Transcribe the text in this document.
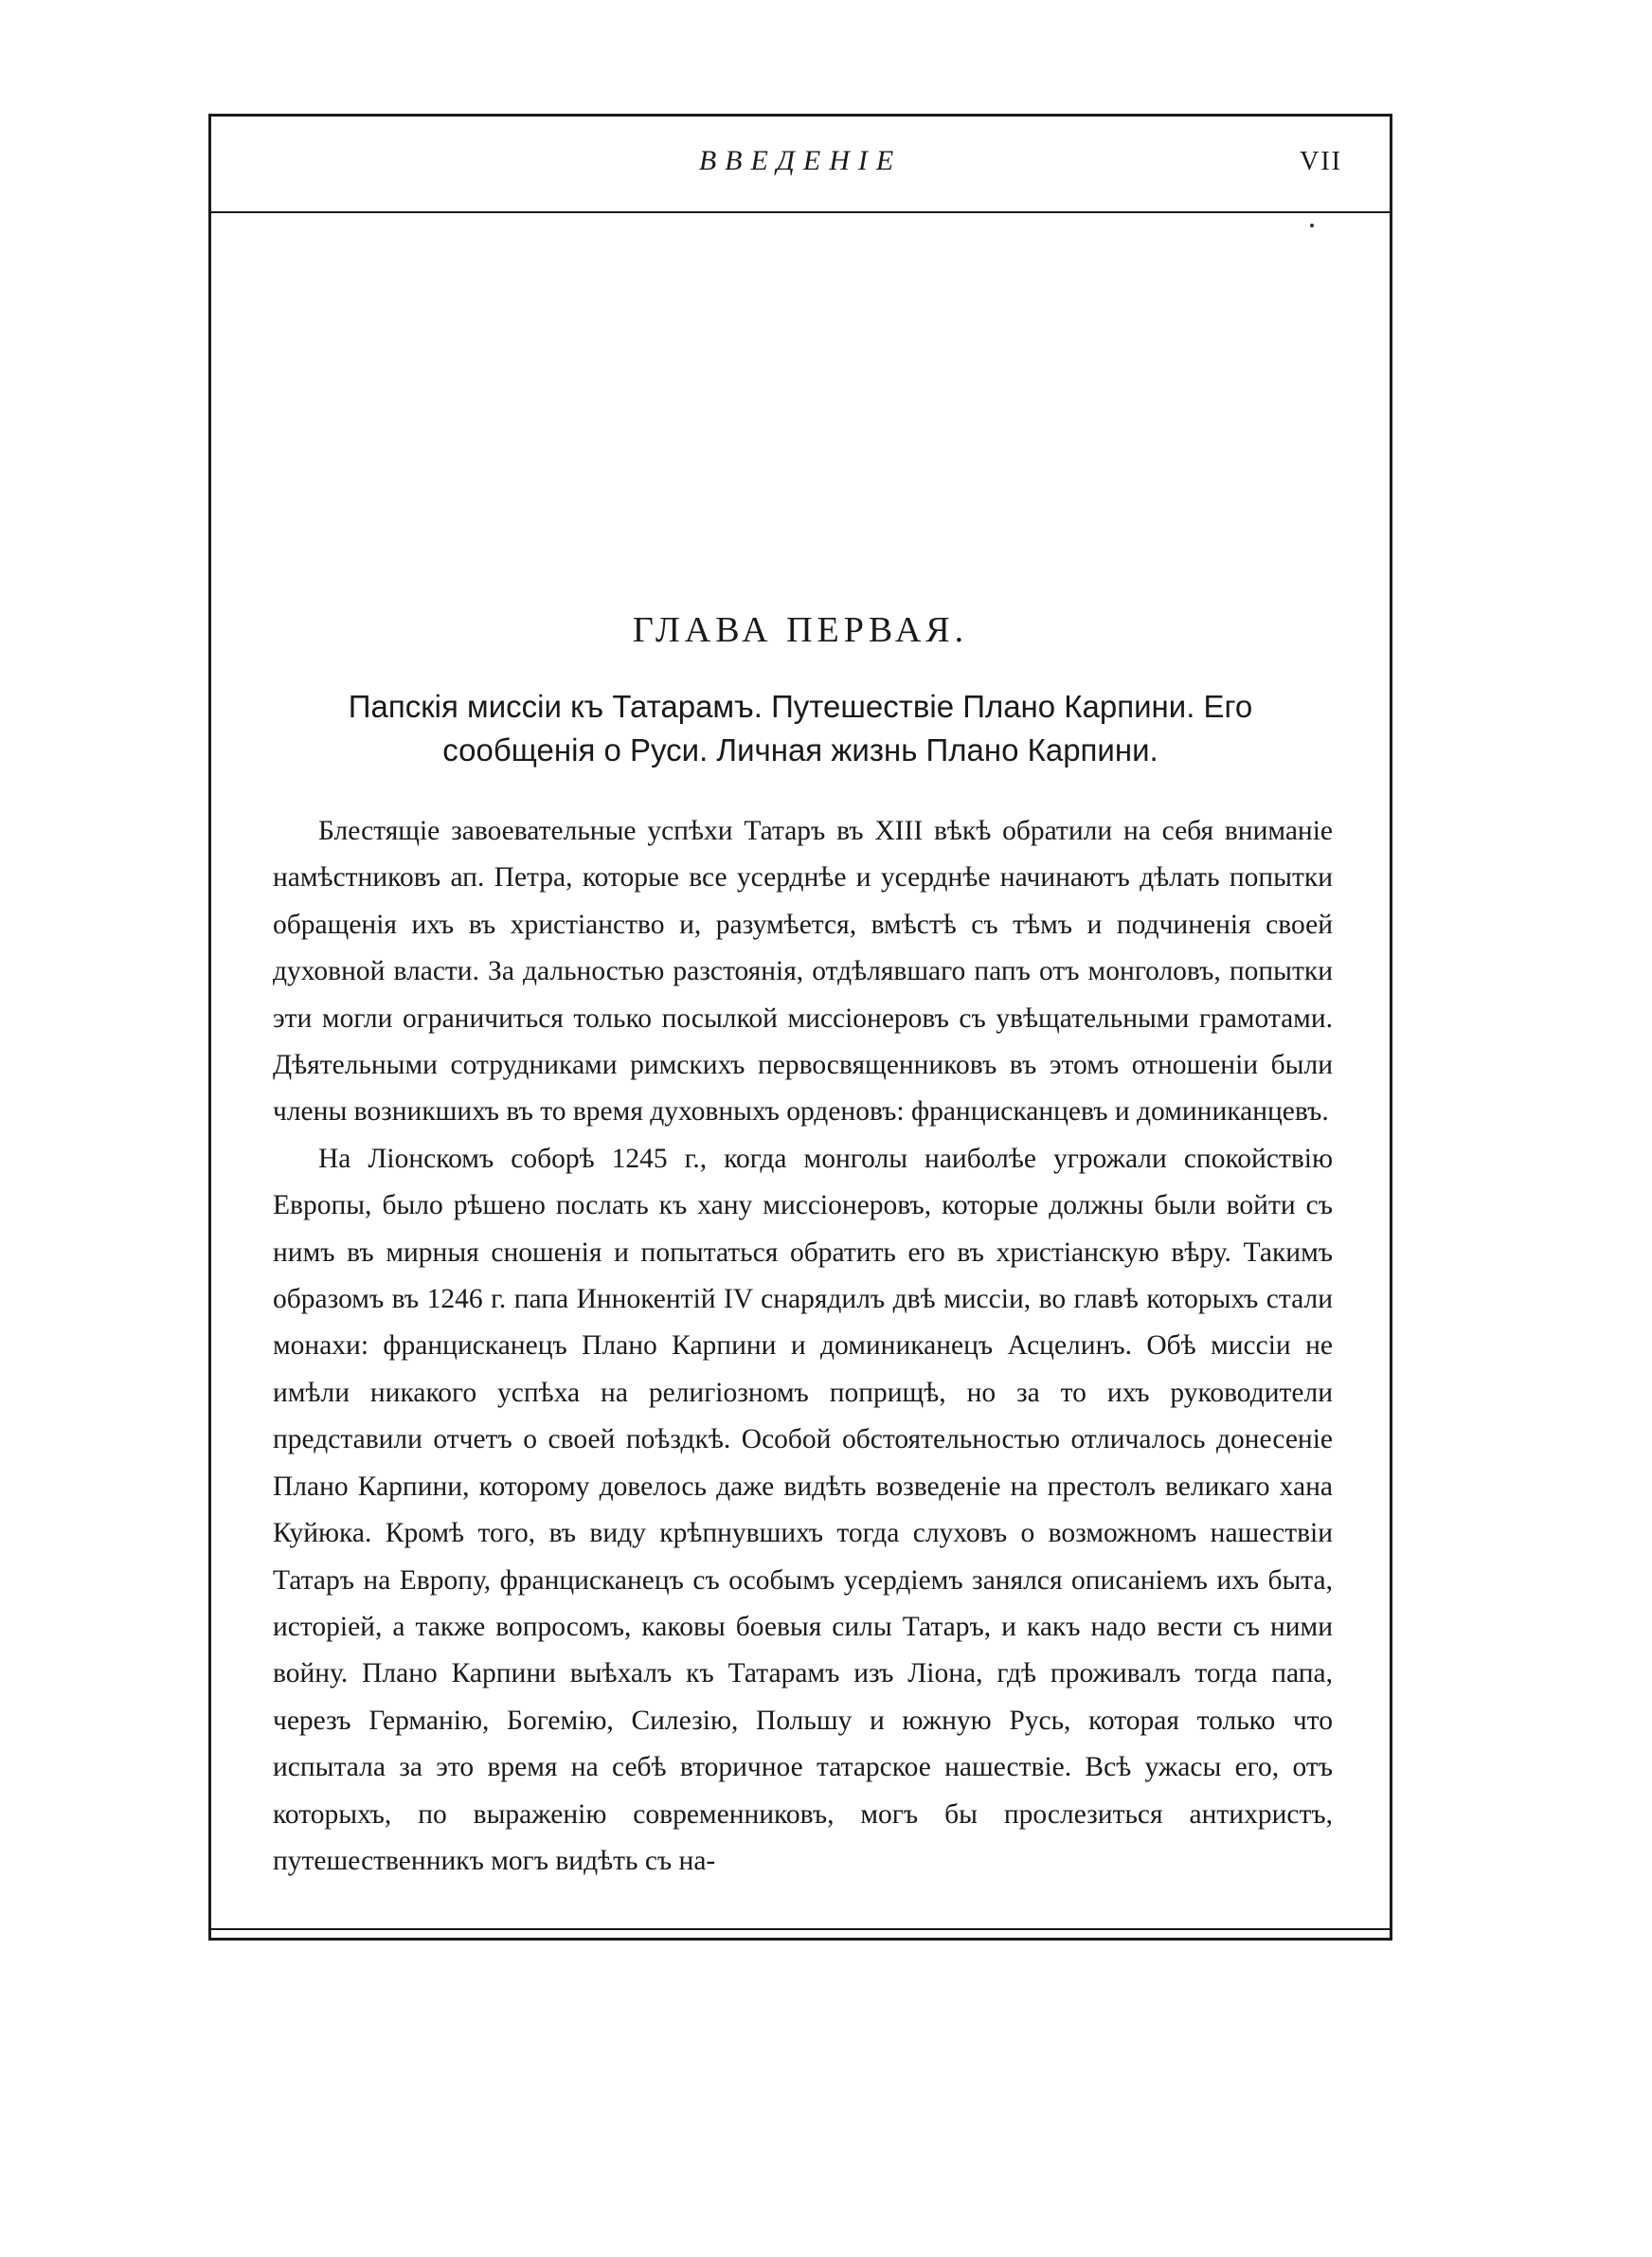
ВВЕДЕНІЕ	VII
ГЛАВА ПЕРВАЯ.
Папскія миссіи къ Татарамъ. Путешествіе Плано Карпини. Его сообщенія о Руси. Личная жизнь Плано Карпини.

Блестящіе завоевательные успѣхи Татаръ въ XIII вѣкѣ обратили на себя вниманіе намѣстниковъ ап. Петра, которые все усерднѣе и усерднѣе начинаютъ дѣлать попытки обращенія ихъ въ христіанство и, разумѣется, вмѣстѣ съ тѣмъ и подчиненія своей духовной власти. За дальностью разстоянія, отдѣлявшаго папъ отъ монголовъ, попытки эти могли ограничиться только посылкой миссіонеровъ съ увѣщательными грамотами. Дѣятельными сотрудниками римскихъ первосвященниковъ въ этомъ отношеніи были члены возникшихъ въ то время духовныхъ орденовъ: францисканцевъ и доминиканцевъ.

На Ліонскомъ соборѣ 1245 г., когда монголы наиболѣе угрожали спокойствію Европы, было рѣшено послать къ хану миссіонеровъ, которые должны были войти съ нимъ въ мирныя сношенія и попытаться обратить его въ христіанскую вѣру. Такимъ образомъ въ 1246 г. папа Иннокентій IV снарядилъ двѣ миссіи, во главѣ которыхъ стали монахи: францисканецъ Плано Карпини и доминиканецъ Асцелинъ. Обѣ миссіи не имѣли никакого успѣха на религіозномъ поприщѣ, но за то ихъ руководители представили отчетъ о своей поѣздкѣ. Особой обстоятельностью отличалось донесеніе Плано Карпини, которому довелось даже видѣть возведеніе на престолъ великаго хана Куйюка. Кромѣ того, въ виду крѣпнувшихъ тогда слуховъ о возможномъ нашествіи Татаръ на Европу, францисканецъ съ особымъ усердіемъ занялся описаніемъ ихъ быта, исторіей, а также вопросомъ, каковы боевыя силы Татаръ, и какъ надо вести съ ними войну. Плано Карпини выѣхалъ къ Татарамъ изъ Ліона, гдѣ проживалъ тогда папа, черезъ Германію, Богемію, Силезію, Польшу и южную Русь, которая только что испытала за это время на себѣ вторичное татарское нашествіе. Всѣ ужасы его, отъ которыхъ, по выраженію современниковъ, могъ бы прослезиться антихристъ, путешественникъ могъ видѣть съ на-
